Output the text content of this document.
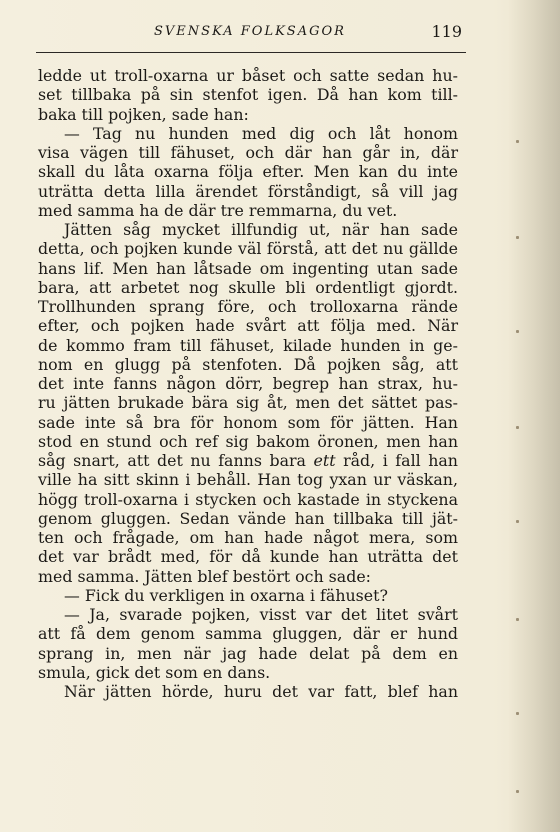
SVENSKA FOLKSAGOR	119
ledde ut troll-oxarna ur båset och satte sedan hu-
set tillbaka på sin stenfot igen. Då han kom till-
baka till pojken, sade han:
— Tag nu hunden med dig och låt honom
visa vägen till fähuset, och där han går in, där
skall du låta oxarna följa efter. Men kan du inte
uträtta detta lilla ärendet förståndigt, så vill jag
med samma ha de där tre remmarna, du vet.
Jätten såg mycket illfundig ut, när han sade
detta, och pojken kunde väl förstå, att det nu gällde
hans lif. Men han låtsade om ingenting utan sade
bara, att arbetet nog skulle bli ordentligt gjordt.
Trollhunden sprang före, och trolloxarna rände
efter, och pojken hade svårt att följa med. När
de kommo fram till fähuset, kilade hunden in ge-
nom en glugg på stenfoten. Då pojken såg, att
det inte fanns någon dörr, begrep han strax, hu-
ru jätten brukade bära sig åt, men det sättet pas-
sade inte så bra för honom som för jätten. Han
stod en stund och ref sig bakom öronen, men han
såg snart, att det nu fanns bara ett råd, i fall han
ville ha sitt skinn i behåll. Han tog yxan ur väskan,
högg troll-oxarna i stycken och kastade in styckena
genom gluggen. Sedan vände han tillbaka till jät-
ten och frågade, om han hade något mera, som
det var brådt med, för då kunde han uträtta det
med samma. Jätten blef bestört och sade:
— Fick du verkligen in oxarna i fähuset?
— Ja, svarade pojken, visst var det litet svårt
att få dem genom samma gluggen, där er hund
sprang in, men när jag hade delat på dem en
smula, gick det som en dans.
När jätten hörde, huru det var fatt, blef han
